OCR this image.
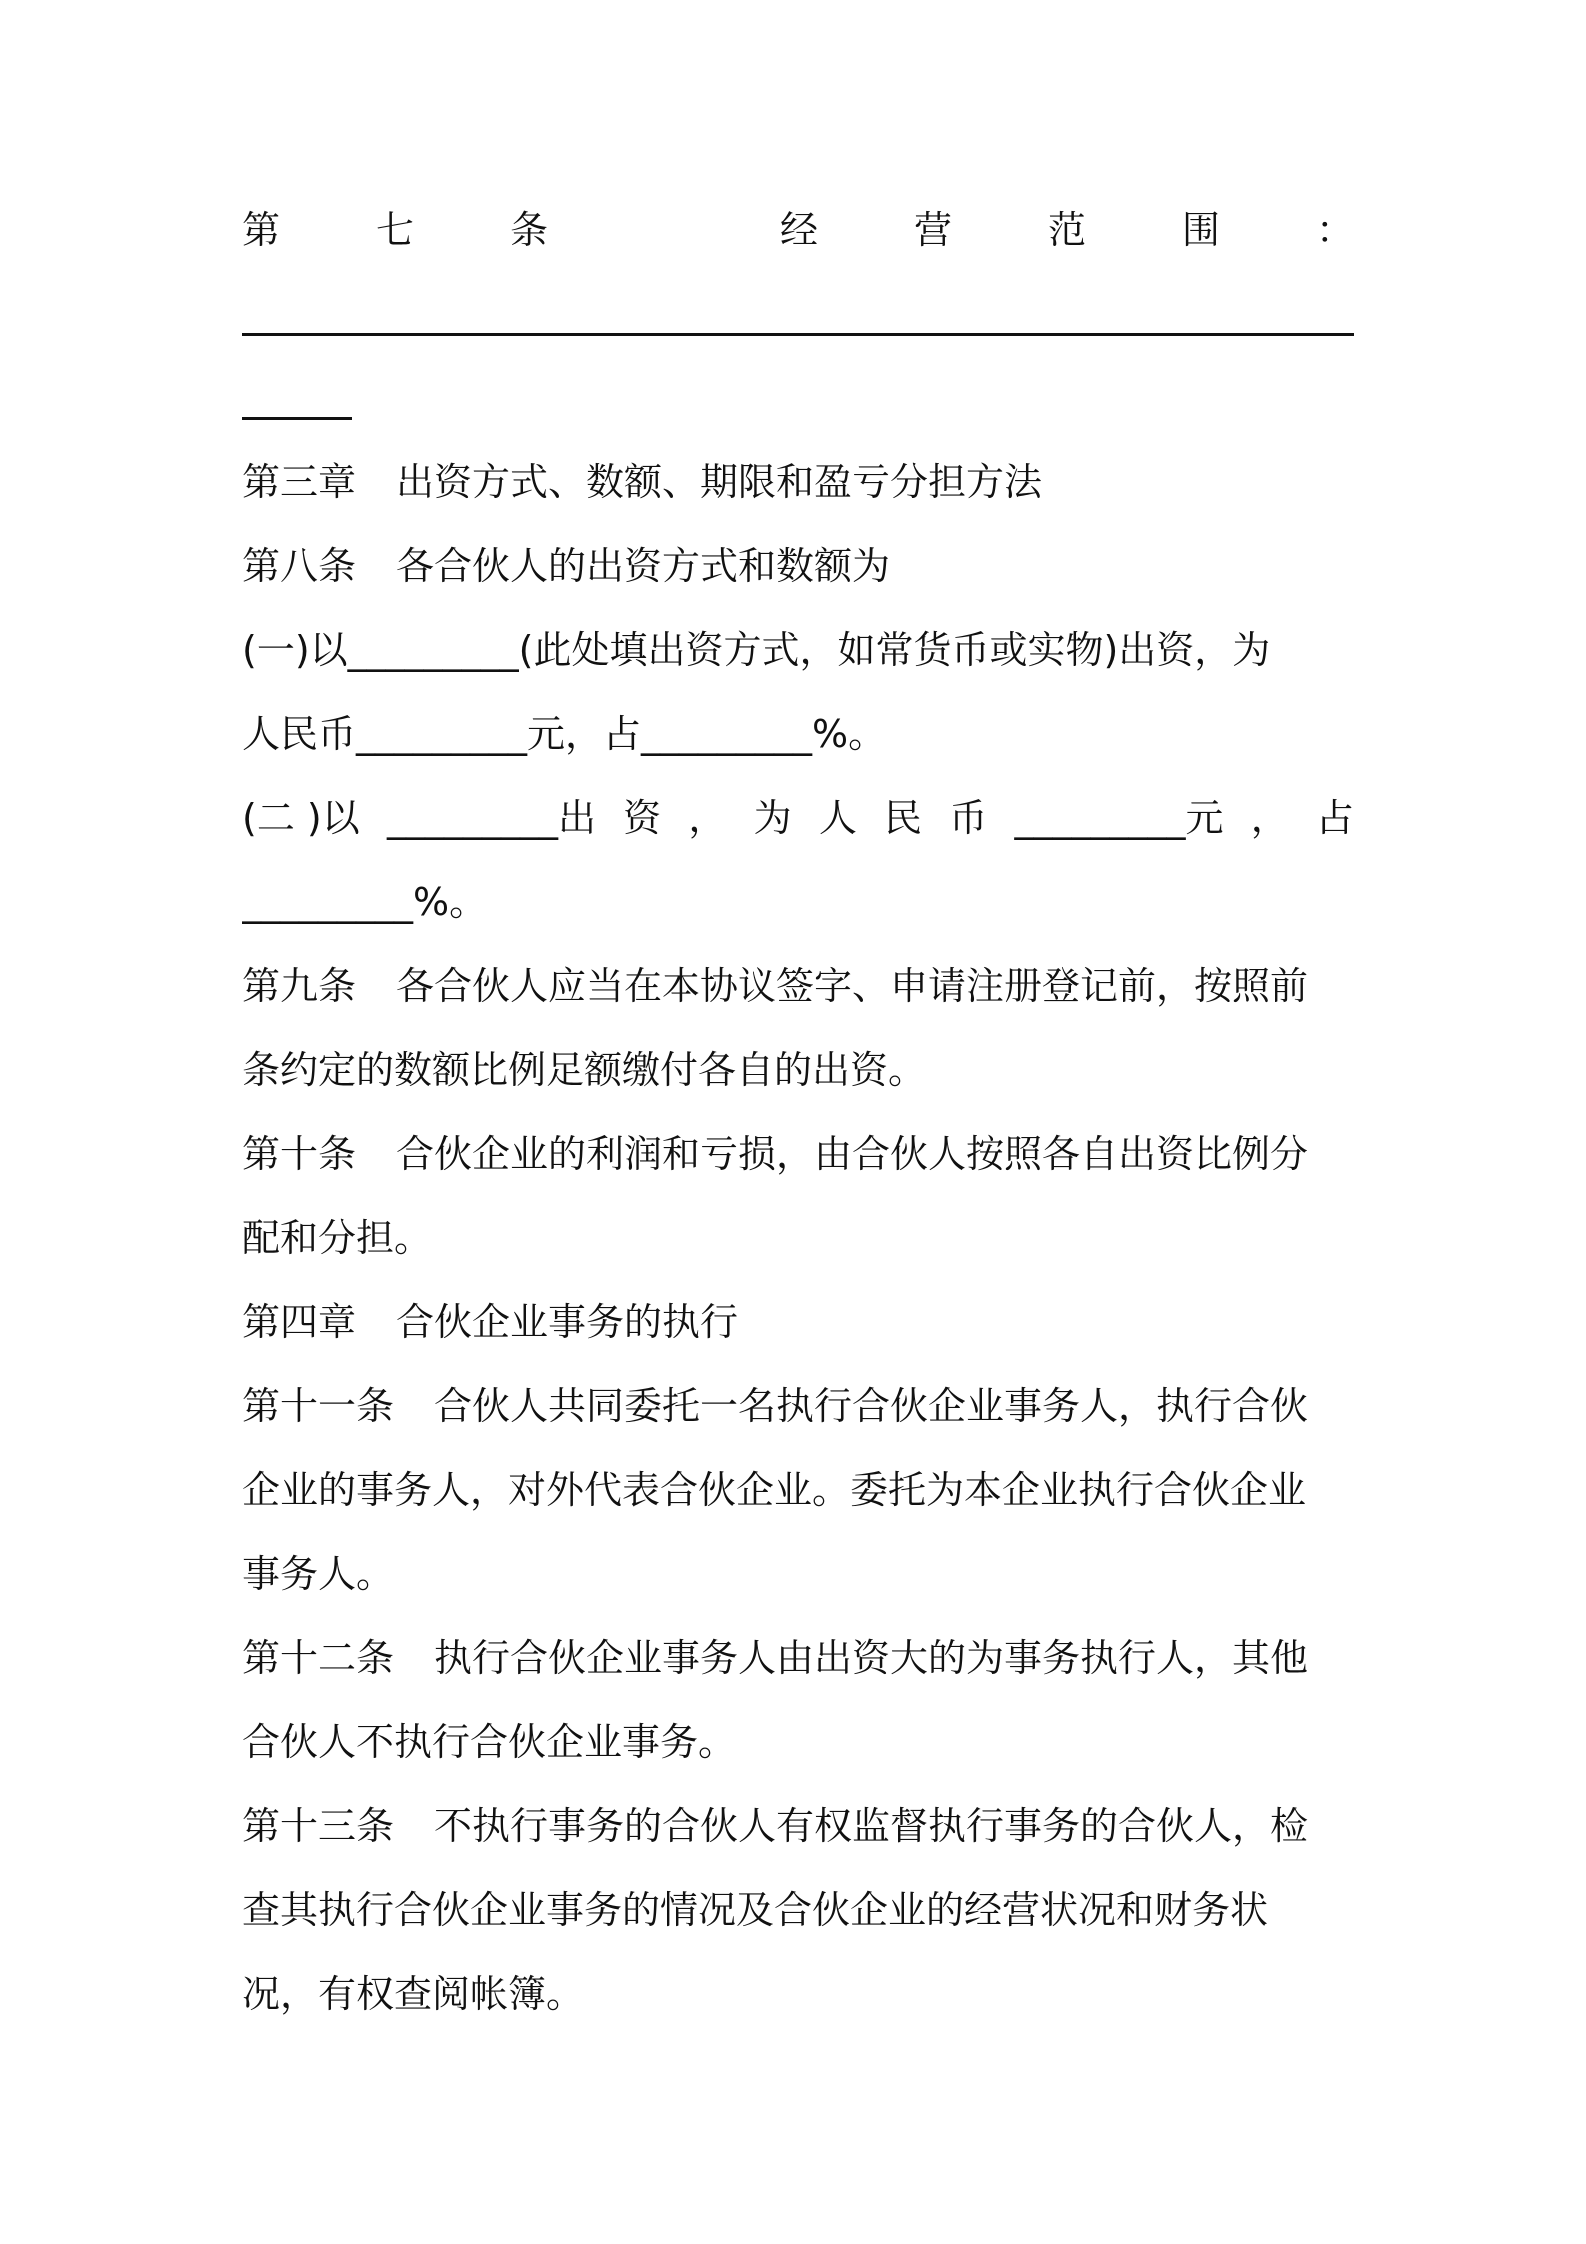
第	七	条	经	营	范	围	：
第三章 出资方式、数额、期限和盈亏分担方法
第八条 各合伙人的出资方式和数额为
(一)以_________(此处填出资方式，如常货币或实物)出资，为
人民币_________元，占_________%。
(二 )以 _________出 资 ， 为 人 民 币 _________元 ， 占
_________%。
第九条 各合伙人应当在本协议签字、申请注册登记前，按照前
条约定的数额比例足额缴付各自的出资。
第十条 合伙企业的利润和亏损，由合伙人按照各自出资比例分
配和分担。
第四章 合伙企业事务的执行
第十一条 合伙人共同委托一名执行合伙企业事务人，执行合伙
企业的事务人，对外代表合伙企业。委托为本企业执行合伙企业
事务人。
第十二条 执行合伙企业事务人由出资大的为事务执行人，其他
合伙人不执行合伙企业事务。
第十三条 不执行事务的合伙人有权监督执行事务的合伙人，检
查其执行合伙企业事务的情况及合伙企业的经营状况和财务状
况，有权查阅帐簿。
